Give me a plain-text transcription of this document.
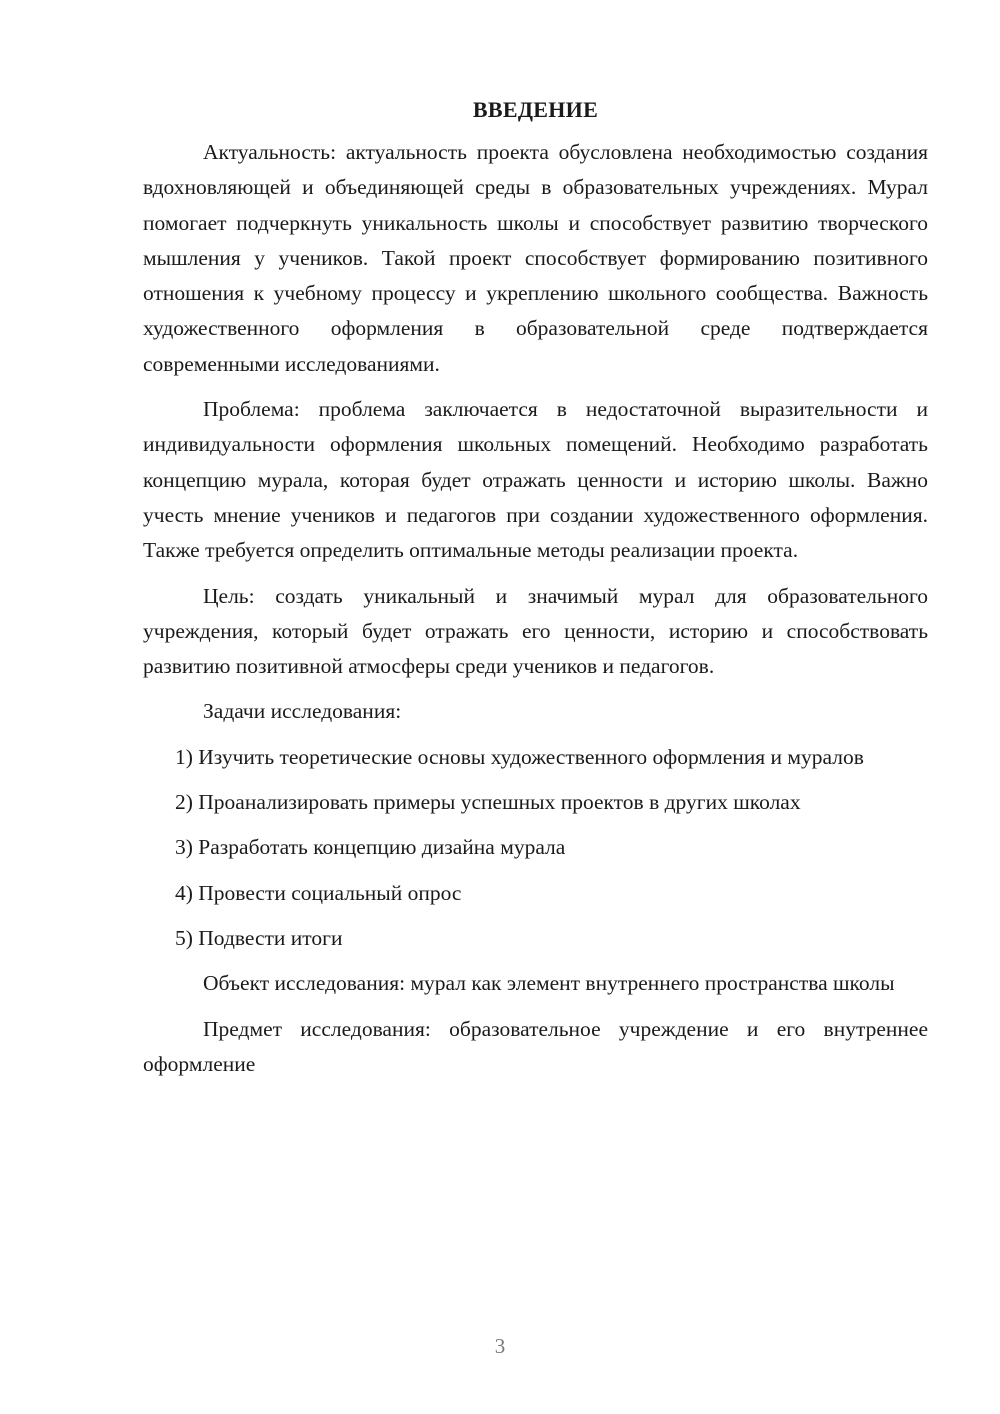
ВВЕДЕНИЕ

Актуальность: актуальность проекта обусловлена необходимостью создания вдохновляющей и объединяющей среды в образовательных учреждениях. Мурал помогает подчеркнуть уникальность школы и способствует развитию творческого мышления у учеников. Такой проект способствует формированию позитивного отношения к учебному процессу и укреплению школьного сообщества. Важность художественного оформления в образовательной среде подтверждается современными исследованиями.

Проблема: проблема заключается в недостаточной выразительности и индивидуальности оформления школьных помещений. Необходимо разработать концепцию мурала, которая будет отражать ценности и историю школы. Важно учесть мнение учеников и педагогов при создании художественного оформления. Также требуется определить оптимальные методы реализации проекта.

Цель: создать уникальный и значимый мурал для образовательного учреждения, который будет отражать его ценности, историю и способствовать развитию позитивной атмосферы среди учеников и педагогов.

Задачи исследования:

1) Изучить теоретические основы художественного оформления и муралов

2) Проанализировать примеры успешных проектов в других школах

3) Разработать концепцию дизайна мурала

4) Провести социальный опрос

5) Подвести итоги

Объект исследования: мурал как элемент внутреннего пространства школы

Предмет исследования: образовательное учреждение и его внутреннее оформление

3
